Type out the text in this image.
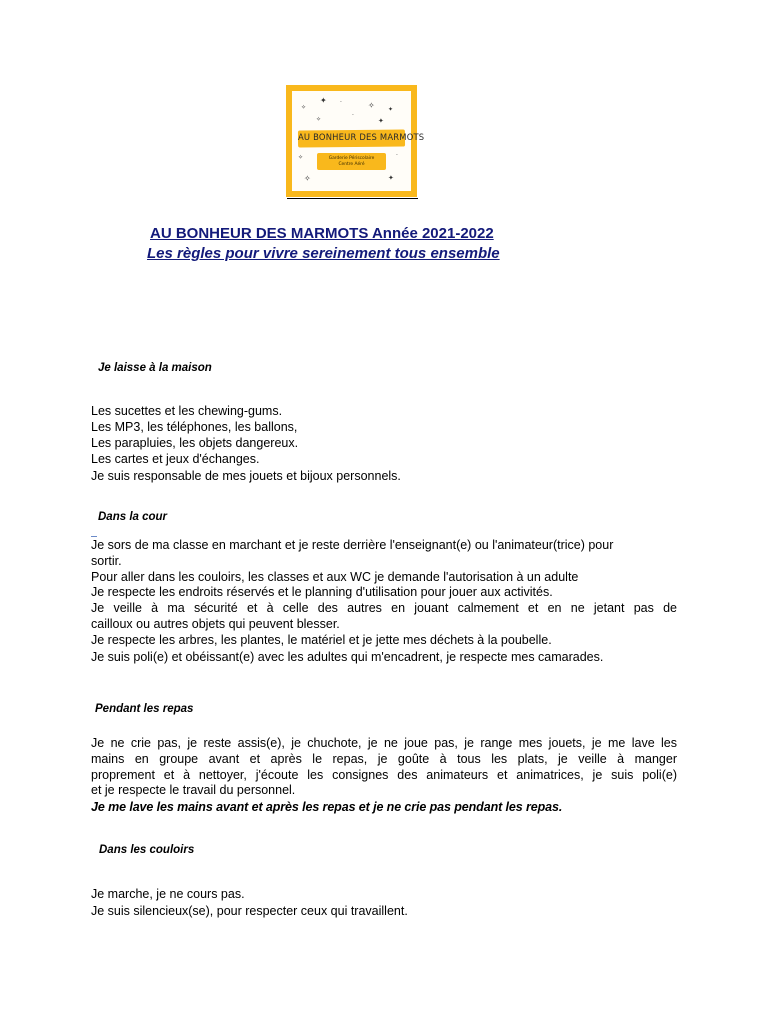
✦ ·	✧ ✦
✧
·
✦
✧
✧	✦
✧	·
AU BONHEUR DES MARMOTS
Garderie Périscolaire
Centre Aéré
AU BONHEUR DES MARMOTS Année 2021-2022
Les règles pour vivre sereinement tous ensemble
Je laisse à la maison
Les sucettes et les chewing-gums.
Les MP3, les téléphones, les ballons,
Les parapluies, les objets dangereux.
Les cartes et jeux d'échanges.
Je suis responsable de mes jouets et bijoux personnels.
Dans la cour
Je sors de ma classe en marchant et je reste derrière l'enseignant(e) ou l'animateur(trice) pour
sortir.
Pour aller dans les couloirs, les classes et aux WC je demande l'autorisation à un adulte
Je respecte les endroits réservés et le planning d'utilisation pour jouer aux activités.
Je veille à ma sécurité et à celle des autres en jouant calmement et en ne jetant pas de
cailloux ou autres objets qui peuvent blesser.
Je respecte les arbres, les plantes, le matériel et je jette mes déchets à la poubelle.
Je suis poli(e) et obéissant(e) avec les adultes qui m'encadrent, je respecte mes camarades.
Pendant les repas
Je ne crie pas, je reste assis(e), je chuchote, je ne joue pas, je range mes jouets, je me lave les
mains en groupe avant et après le repas, je goûte à tous les plats, je veille à manger
proprement et à nettoyer, j'écoute les consignes des animateurs et animatrices, je suis poli(e)
et je respecte le travail du personnel.
Je me lave les mains avant et après les repas et je ne crie pas pendant les repas.
Dans les couloirs
Je marche, je ne cours pas.
Je suis silencieux(se), pour respecter ceux qui travaillent.
